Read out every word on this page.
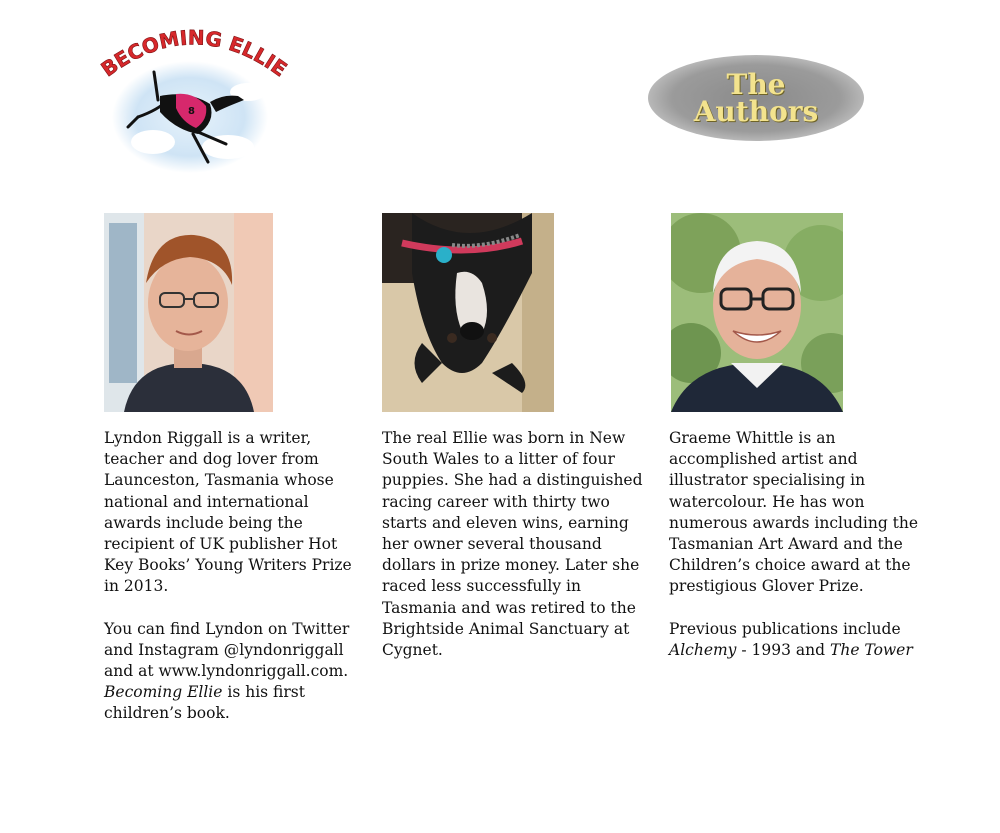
BECOMING ELLIE
8
The
Authors

Lyndon Riggall is a writer, teacher and dog lover from Launceston, Tasmania whose national and international awards include being the recipient of UK publisher Hot Key Books’ Young Writers Prize in 2013.

You can find Lyndon on Twitter and Instagram @lyndonriggall and at www.lyndonriggall.com. Becoming Ellie is his first children’s book.

The real Ellie was born in New South Wales to a litter of four puppies. She had a distinguished racing career with thirty two starts and eleven wins, earning her owner several thousand dollars in prize money. Later she raced less successfully in Tasmania and was retired to the Brightside Animal Sanctuary at Cygnet.

Graeme Whittle is an accomplished artist and illustrator specialising in watercolour. He has won numerous awards including the Tasmanian Art Award and the Children’s choice award at the prestigious Glover Prize.

Previous publications include
Alchemy - 1993 and The Tower
